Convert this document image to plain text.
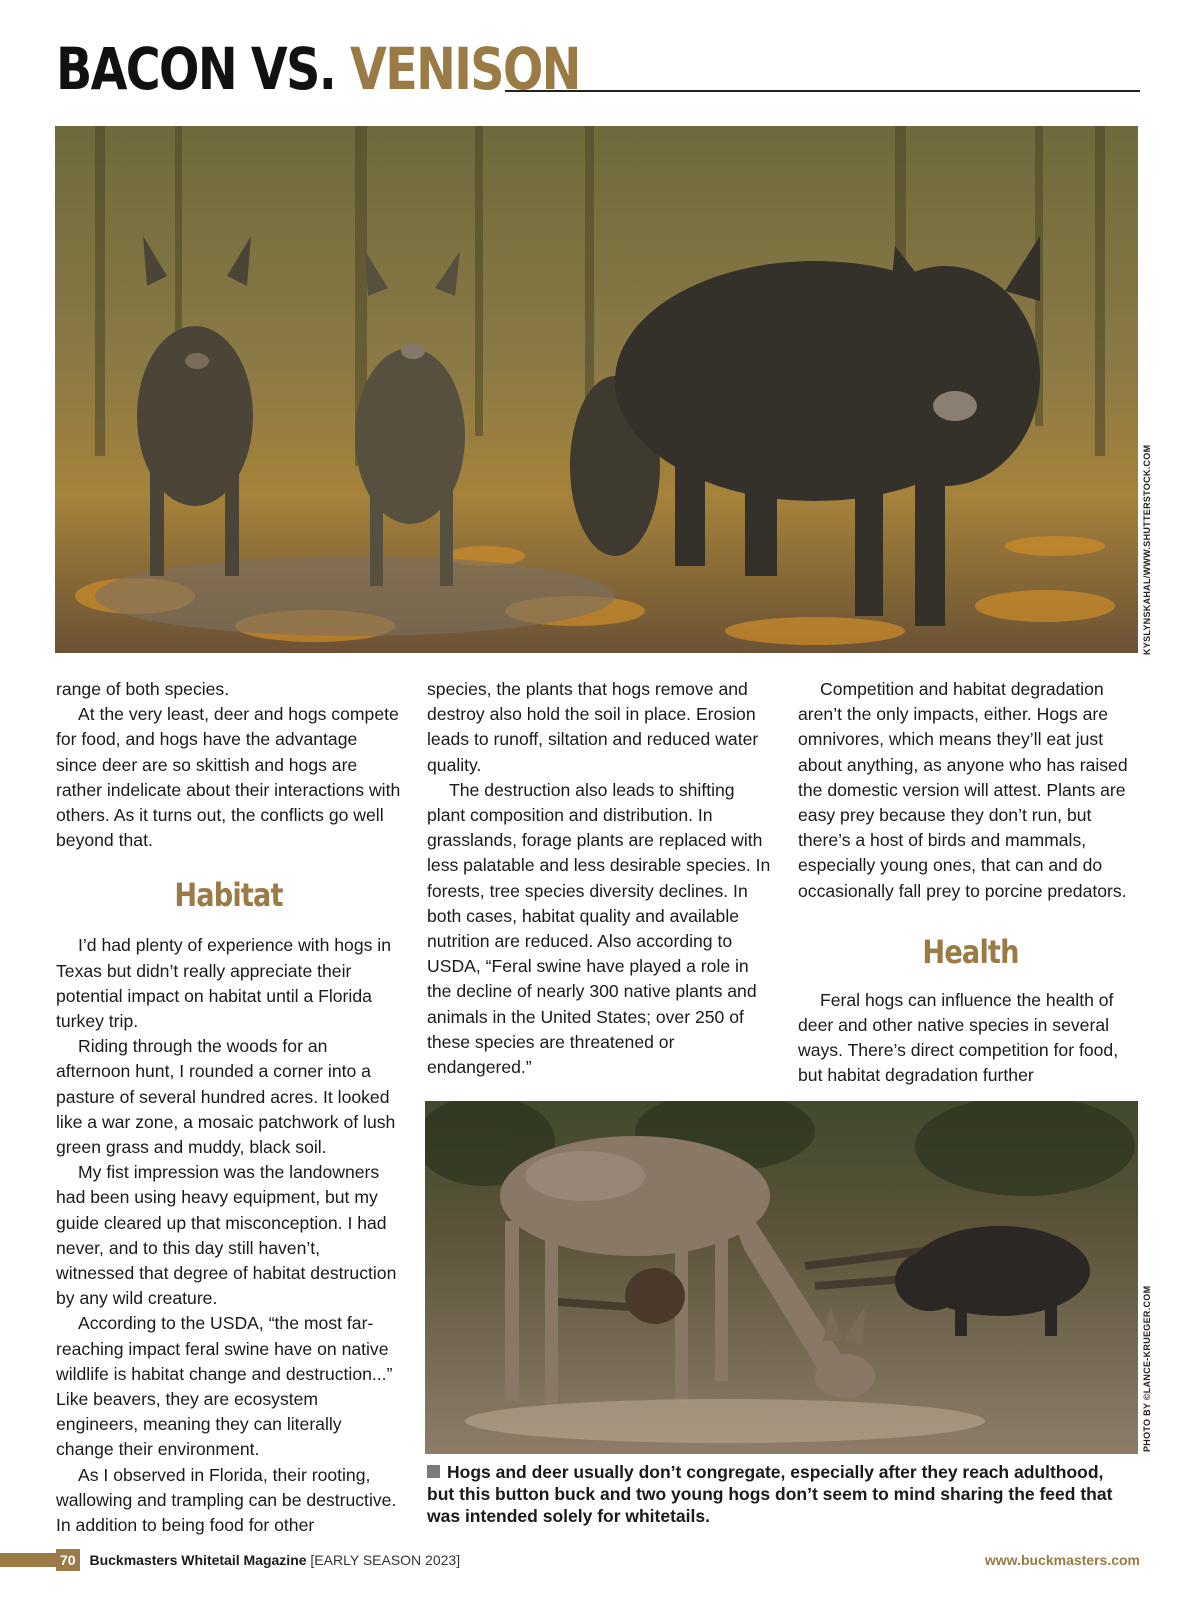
BACON VS. VENISON
KYSLYNSKAHAL/WWW.SHUTTERSTOCK.COM

range of both species.

At the very least, deer and hogs compete for food, and hogs have the advantage since deer are so skittish and hogs are rather indelicate about their interactions with others. As it turns out, the conflicts go well beyond that.

Habitat

I’d had plenty of experience with hogs in Texas but didn’t really appreciate their potential impact on habitat until a Florida turkey trip.

Riding through the woods for an afternoon hunt, I rounded a corner into a pasture of several hundred acres. It looked like a war zone, a mosaic patchwork of lush green grass and muddy, black soil.

My fist impression was the landowners had been using heavy equipment, but my guide cleared up that misconception. I had never, and to this day still haven’t, witnessed that degree of habitat destruction by any wild creature.

According to the USDA, “the most far-reaching impact feral swine have on native wildlife is habitat change and destruction...” Like beavers, they are ecosystem engineers, meaning they can literally change their environment.

As I observed in Florida, their rooting, wallowing and trampling can be destructive. In addition to being food for other

species, the plants that hogs remove and destroy also hold the soil in place. Erosion leads to runoff, siltation and reduced water quality.

The destruction also leads to shifting plant composition and distribution. In grasslands, forage plants are replaced with less palatable and less desirable species. In forests, tree species diversity declines. In both cases, habitat quality and available nutrition are reduced. Also according to USDA, “Feral swine have played a role in the decline of nearly 300 native plants and animals in the United States; over 250 of these species are threatened or endangered.”

Competition and habitat degradation aren’t the only impacts, either. Hogs are omnivores, which means they’ll eat just about anything, as anyone who has raised the domestic version will attest. Plants are easy prey because they don’t run, but there’s a host of birds and mammals, especially young ones, that can and do occasionally fall prey to porcine predators.

Health

Feral hogs can influence the health of deer and other native species in several ways. There’s direct competition for food, but habitat degradation further

PHOTO BY ©LANCE-KRUEGER.COM
Hogs and deer usually don’t congregate, especially after they reach adulthood, but this button buck and two young hogs don’t seem to mind sharing the feed that was intended solely for whitetails.
70 Buckmasters Whitetail Magazine [EARLY SEASON 2023]	www.buckmasters.com
